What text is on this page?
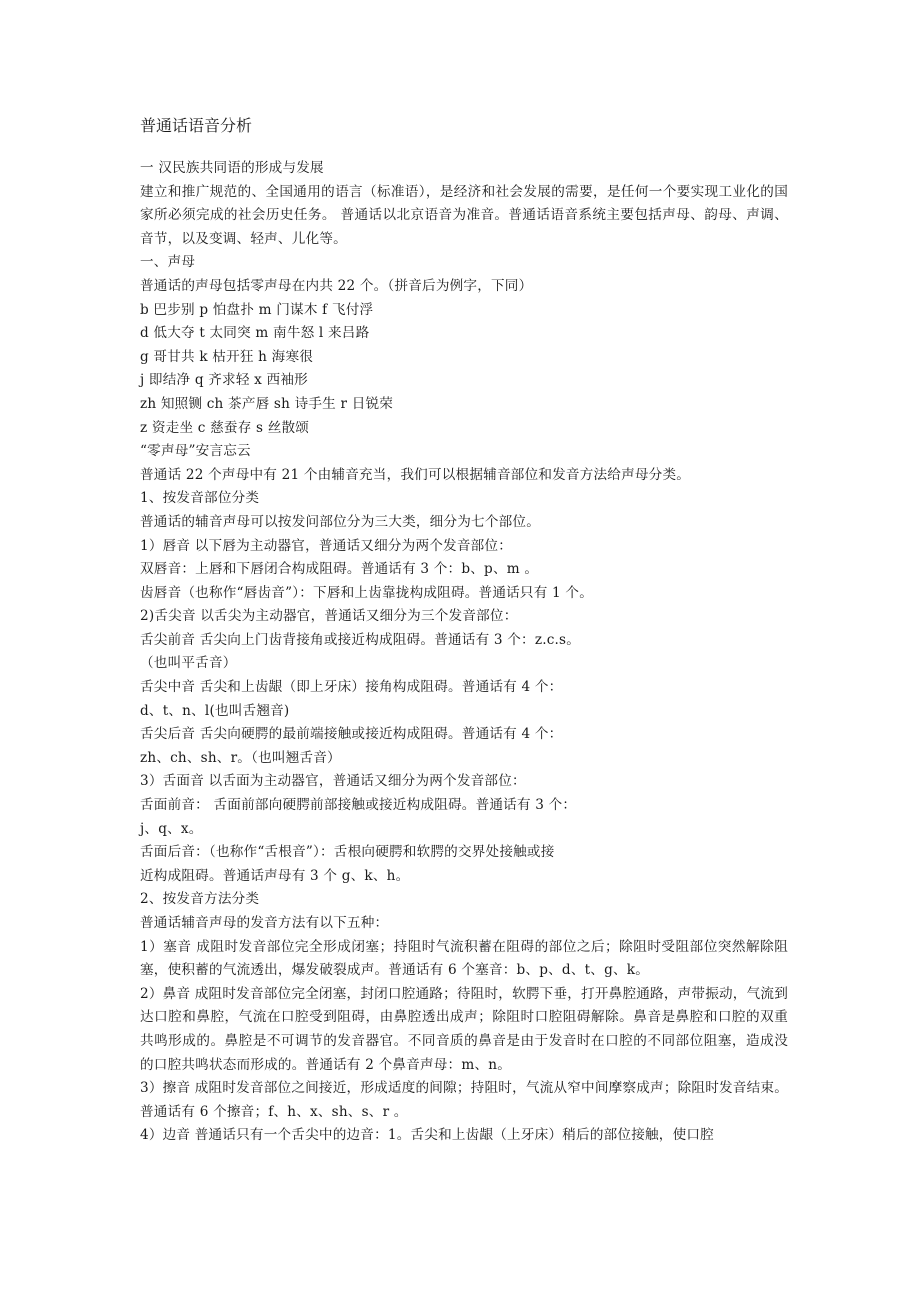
普通话语音分析
一 汉民族共同语的形成与发展
建立和推广规范的、全国通用的语言（标准语），是经济和社会发展的需要，是任何一个要实现工业化的国家所必须完成的社会历史任务。 普通话以北京语音为准音。普通话语音系统主要包括声母、韵母、声调、音节，以及变调、轻声、儿化等。
一、声母
普通话的声母包括零声母在内共 22 个。（拼音后为例字，下同）
b 巴步别 p 怕盘扑 m 门谋木 f 飞付浮
d 低大夺 t 太同突 m 南牛怒 l 来吕路
g 哥甘共 k 枯开狂 h 海寒很
j 即结净 q 齐求轻 x 西袖形
zh 知照铡 ch 茶产唇 sh 诗手生 r 日锐荣
z 资走坐 c 慈蚕存 s 丝散颂
“零声母”安言忘云
普通话 22 个声母中有 21 个由辅音充当，我们可以根据辅音部位和发音方法给声母分类。
1、按发音部位分类
普通话的辅音声母可以按发问部位分为三大类，细分为七个部位。
1）唇音 以下唇为主动器官，普通话又细分为两个发音部位：
双唇音：上唇和下唇闭合构成阻碍。普通话有 3 个：b、p、m 。
齿唇音（也称作“唇齿音”）：下唇和上齿靠拢构成阻碍。普通话只有 1 个。
2)舌尖音 以舌尖为主动器官，普通话又细分为三个发音部位：
舌尖前音 舌尖向上门齿背接角或接近构成阻碍。普通话有 3 个：z.c.s。
（也叫平舌音）
舌尖中音 舌尖和上齿龈（即上牙床）接角构成阻碍。普通话有 4 个：
d、t、n、l(也叫舌翘音)
舌尖后音 舌尖向硬腭的最前端接触或接近构成阻碍。普通话有 4 个：
zh、ch、sh、r。（也叫翘舌音）
3）舌面音 以舌面为主动器官，普通话又细分为两个发音部位：
舌面前音： 舌面前部向硬腭前部接触或接近构成阻碍。普通话有 3 个：
j、q、x。
舌面后音：（也称作“舌根音”）：舌根向硬腭和软腭的交界处接触或接
近构成阻碍。普通话声母有 3 个 g、k、h。
2、按发音方法分类
普通话辅音声母的发音方法有以下五种：
1）塞音 成阻时发音部位完全形成闭塞；持阻时气流积蓄在阻碍的部位之后；除阻时受阻部位突然解除阻塞，使积蓄的气流透出，爆发破裂成声。普通话有 6 个塞音：b、p、d、t、g、k。
2）鼻音 成阻时发音部位完全闭塞，封闭口腔通路；待阻时，软腭下垂，打开鼻腔通路，声带振动，气流到达口腔和鼻腔，气流在口腔受到阻碍，由鼻腔透出成声；除阻时口腔阻碍解除。鼻音是鼻腔和口腔的双重共鸣形成的。鼻腔是不可调节的发音器官。不同音质的鼻音是由于发音时在口腔的不同部位阻塞，造成没的口腔共鸣状态而形成的。普通话有 2 个鼻音声母：m、n。
3）擦音 成阻时发音部位之间接近，形成适度的间隙；持阻时，气流从窄中间摩察成声；除阻时发音结束。普通话有 6 个擦音；f、h、x、sh、s、r 。
4）边音 普通话只有一个舌尖中的边音：1。舌尖和上齿龈（上牙床）稍后的部位接触，使口腔
